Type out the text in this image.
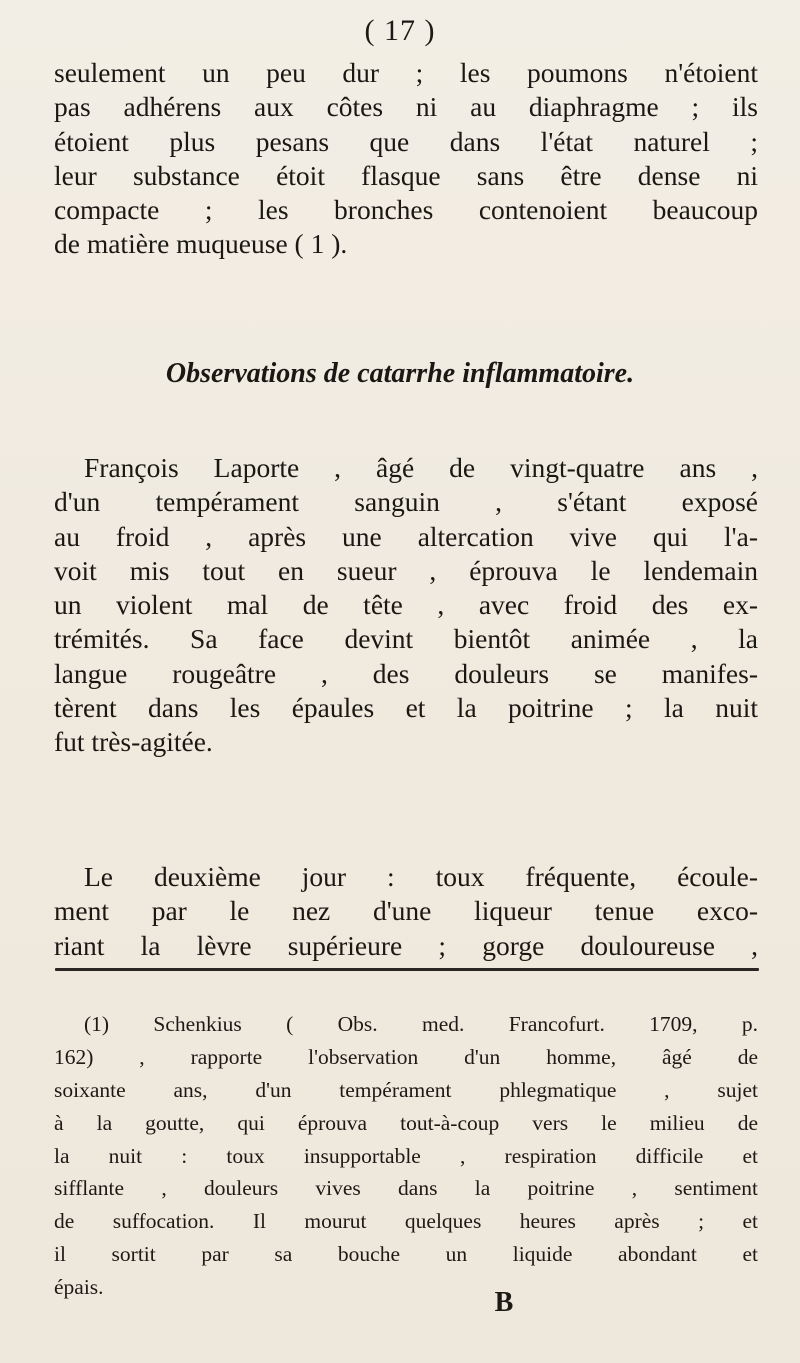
( 17 )
seulement un peu dur ; les poumons n'étoient
pas adhérens aux côtes ni au diaphragme ; ils
étoient plus pesans que dans l'état naturel ;
leur substance étoit flasque sans être dense ni
compacte ; les bronches contenoient beaucoup
de matière muqueuse ( 1 ).
Observations de catarrhe inflammatoire.
François Laporte , âgé de vingt-quatre ans ,
d'un tempérament sanguin , s'étant exposé
au froid , après une altercation vive qui l'a-
voit mis tout en sueur , éprouva le lendemain
un violent mal de tête , avec froid des ex-
trémités. Sa face devint bientôt animée , la
langue rougeâtre , des douleurs se manifes-
tèrent dans les épaules et la poitrine ; la nuit
fut très-agitée.
Le deuxième jour : toux fréquente, écoule-
ment par le nez d'une liqueur tenue exco-
riant la lèvre supérieure ; gorge douloureuse ,
(1) Schenkius ( Obs. med. Francofurt. 1709, p.
162) , rapporte l'observation d'un homme, âgé de
soixante ans, d'un tempérament phlegmatique , sujet
à la goutte, qui éprouva tout-à-coup vers le milieu de
la nuit : toux insupportable , respiration difficile et
sifflante , douleurs vives dans la poitrine , sentiment
de suffocation. Il mourut quelques heures après ; et
il sortit par sa bouche un liquide abondant et
épais.	B
